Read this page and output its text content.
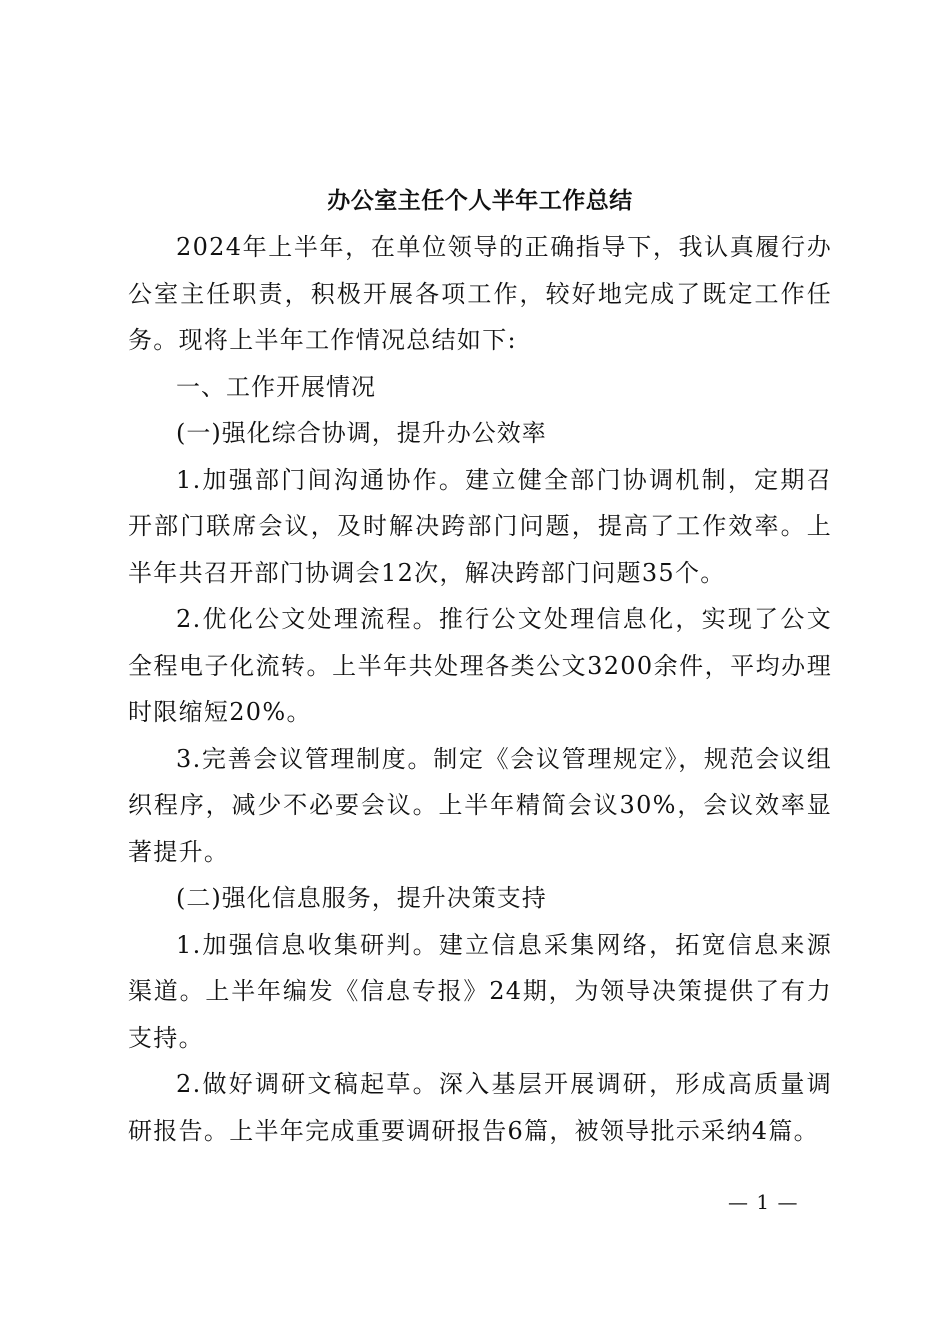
办公室主任个人半年工作总结

2024年上半年，在单位领导的正确指导下，我认真履行办公室主任职责，积极开展各项工作，较好地完成了既定工作任务。现将上半年工作情况总结如下:

一、工作开展情况

(一)强化综合协调，提升办公效率

1.加强部门间沟通协作。建立健全部门协调机制，定期召开部门联席会议，及时解决跨部门问题，提高了工作效率。上半年共召开部门协调会12次，解决跨部门问题35个。

2.优化公文处理流程。推行公文处理信息化，实现了公文全程电子化流转。上半年共处理各类公文3200余件，平均办理时限缩短20%。

3.完善会议管理制度。制定《会议管理规定》，规范会议组织程序，减少不必要会议。上半年精简会议30%，会议效率显著提升。

(二)强化信息服务，提升决策支持

1.加强信息收集研判。建立信息采集网络，拓宽信息来源渠道。上半年编发《信息专报》24期，为领导决策提供了有力支持。

2.做好调研文稿起草。深入基层开展调研，形成高质量调研报告。上半年完成重要调研报告6篇，被领导批示采纳4篇。

— 1 —
